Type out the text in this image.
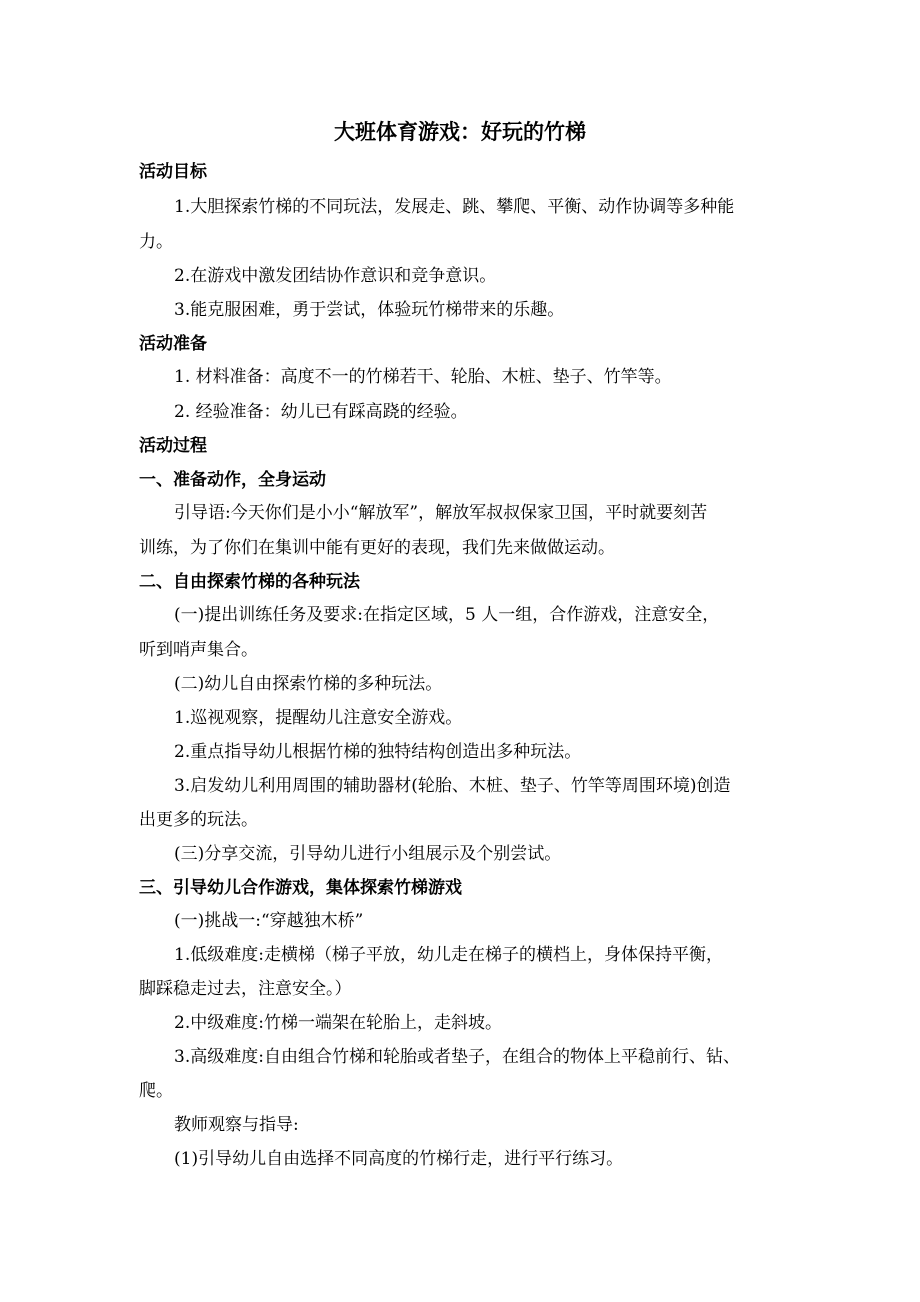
大班体育游戏：好玩的竹梯
活动目标
1.大胆探索竹梯的不同玩法，发展走、跳、攀爬、平衡、动作协调等多种能
力。
2.在游戏中激发团结协作意识和竞争意识。
3.能克服困难，勇于尝试，体验玩竹梯带来的乐趣。
活动准备
1. 材料准备：高度不一的竹梯若干、轮胎、木桩、垫子、竹竿等。
2. 经验准备：幼儿已有踩高跷的经验。
活动过程
一、准备动作，全身运动
引导语:今天你们是小小“解放军”，解放军叔叔保家卫国，平时就要刻苦
训练，为了你们在集训中能有更好的表现，我们先来做做运动。
二、自由探索竹梯的各种玩法
(一)提出训练任务及要求:在指定区域，5 人一组，合作游戏，注意安全，
听到哨声集合。
(二)幼儿自由探索竹梯的多种玩法。
1.巡视观察，提醒幼儿注意安全游戏。
2.重点指导幼儿根据竹梯的独特结构创造出多种玩法。
3.启发幼儿利用周围的辅助器材(轮胎、木桩、垫子、竹竿等周围环境)创造
出更多的玩法。
(三)分享交流，引导幼儿进行小组展示及个别尝试。
三、引导幼儿合作游戏，集体探索竹梯游戏
(一)挑战一:“穿越独木桥”
1.低级难度:走横梯（梯子平放，幼儿走在梯子的横档上，身体保持平衡，
脚踩稳走过去，注意安全。）
2.中级难度:竹梯一端架在轮胎上，走斜坡。
3.高级难度:自由组合竹梯和轮胎或者垫子，在组合的物体上平稳前行、钻、
爬。
教师观察与指导:
(1)引导幼儿自由选择不同高度的竹梯行走，进行平行练习。
